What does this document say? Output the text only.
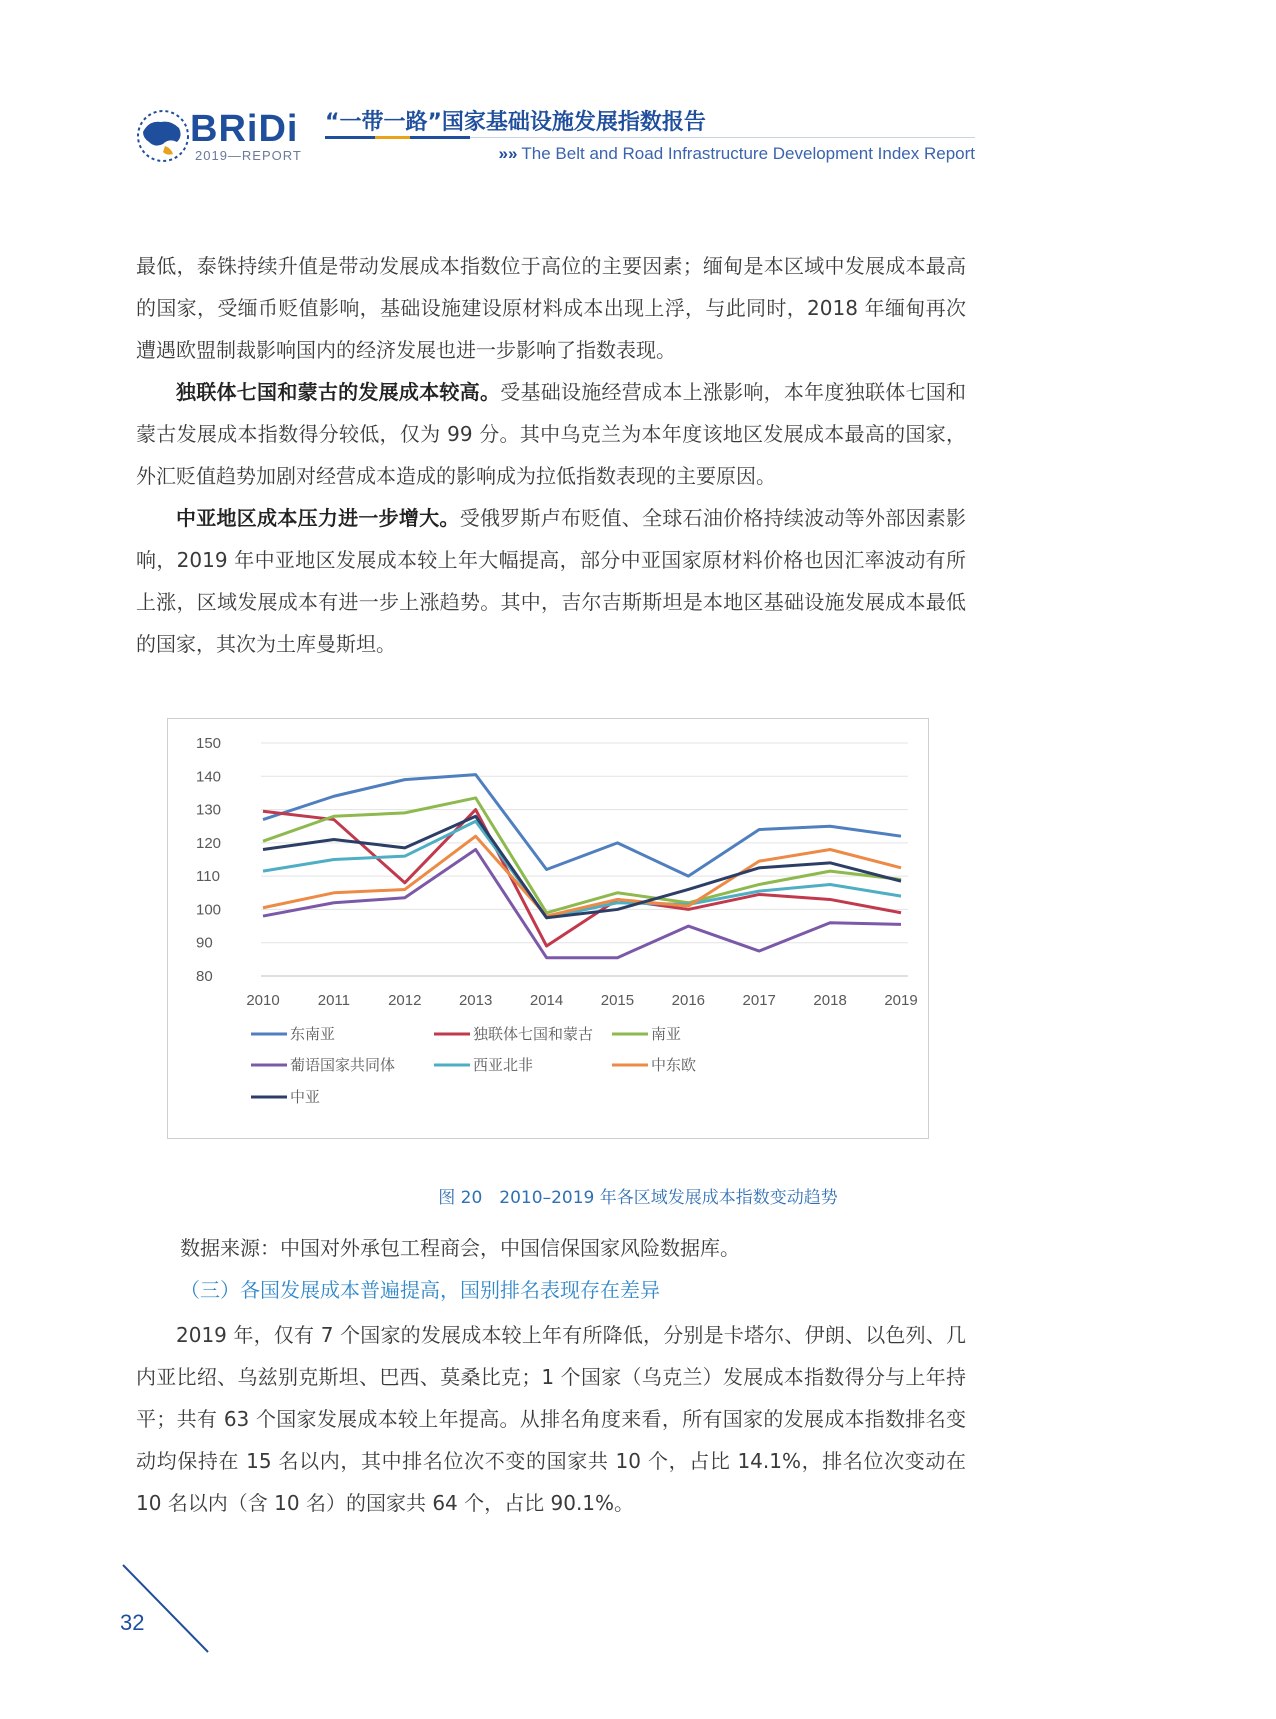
BRiDi
2019—REPORT
“一带一路”国家基础设施发展指数报告
»» The Belt and Road Infrastructure Development Index Report

最低，泰铢持续升值是带动发展成本指数位于高位的主要因素；缅甸是本区域中发展成本最高的国家，受缅币贬值影响，基础设施建设原材料成本出现上浮，与此同时，2018 年缅甸再次遭遇欧盟制裁影响国内的经济发展也进一步影响了指数表现。

独联体七国和蒙古的发展成本较高。受基础设施经营成本上涨影响，本年度独联体七国和蒙古发展成本指数得分较低，仅为 99 分。其中乌克兰为本年度该地区发展成本最高的国家，外汇贬值趋势加剧对经营成本造成的影响成为拉低指数表现的主要原因。

中亚地区成本压力进一步增大。受俄罗斯卢布贬值、全球石油价格持续波动等外部因素影响，2019 年中亚地区发展成本较上年大幅提高，部分中亚国家原材料价格也因汇率波动有所上涨，区域发展成本有进一步上涨趋势。其中，吉尔吉斯斯坦是本地区基础设施发展成本最低的国家，其次为土库曼斯坦。

150
140
130
120
110
100
90
80
2010	2011	2012	2013	2014	2015	2016	2017	2018	2019
东南亚	独联体七国和蒙古	南亚
葡语国家共同体	西亚北非	中东欧
中亚
图 20　2010–2019 年各区域发展成本指数变动趋势
数据来源：中国对外承包工程商会，中国信保国家风险数据库。
（三）各国发展成本普遍提高，国别排名表现存在差异

2019 年，仅有 7 个国家的发展成本较上年有所降低，分别是卡塔尔、伊朗、以色列、几内亚比绍、乌兹别克斯坦、巴西、莫桑比克；1 个国家（乌克兰）发展成本指数得分与上年持平；共有 63 个国家发展成本较上年提高。从排名角度来看，所有国家的发展成本指数排名变动均保持在 15 名以内，其中排名位次不变的国家共 10 个，占比 14.1%，排名位次变动在 10 名以内（含 10 名）的国家共 64 个，占比 90.1%。

32
